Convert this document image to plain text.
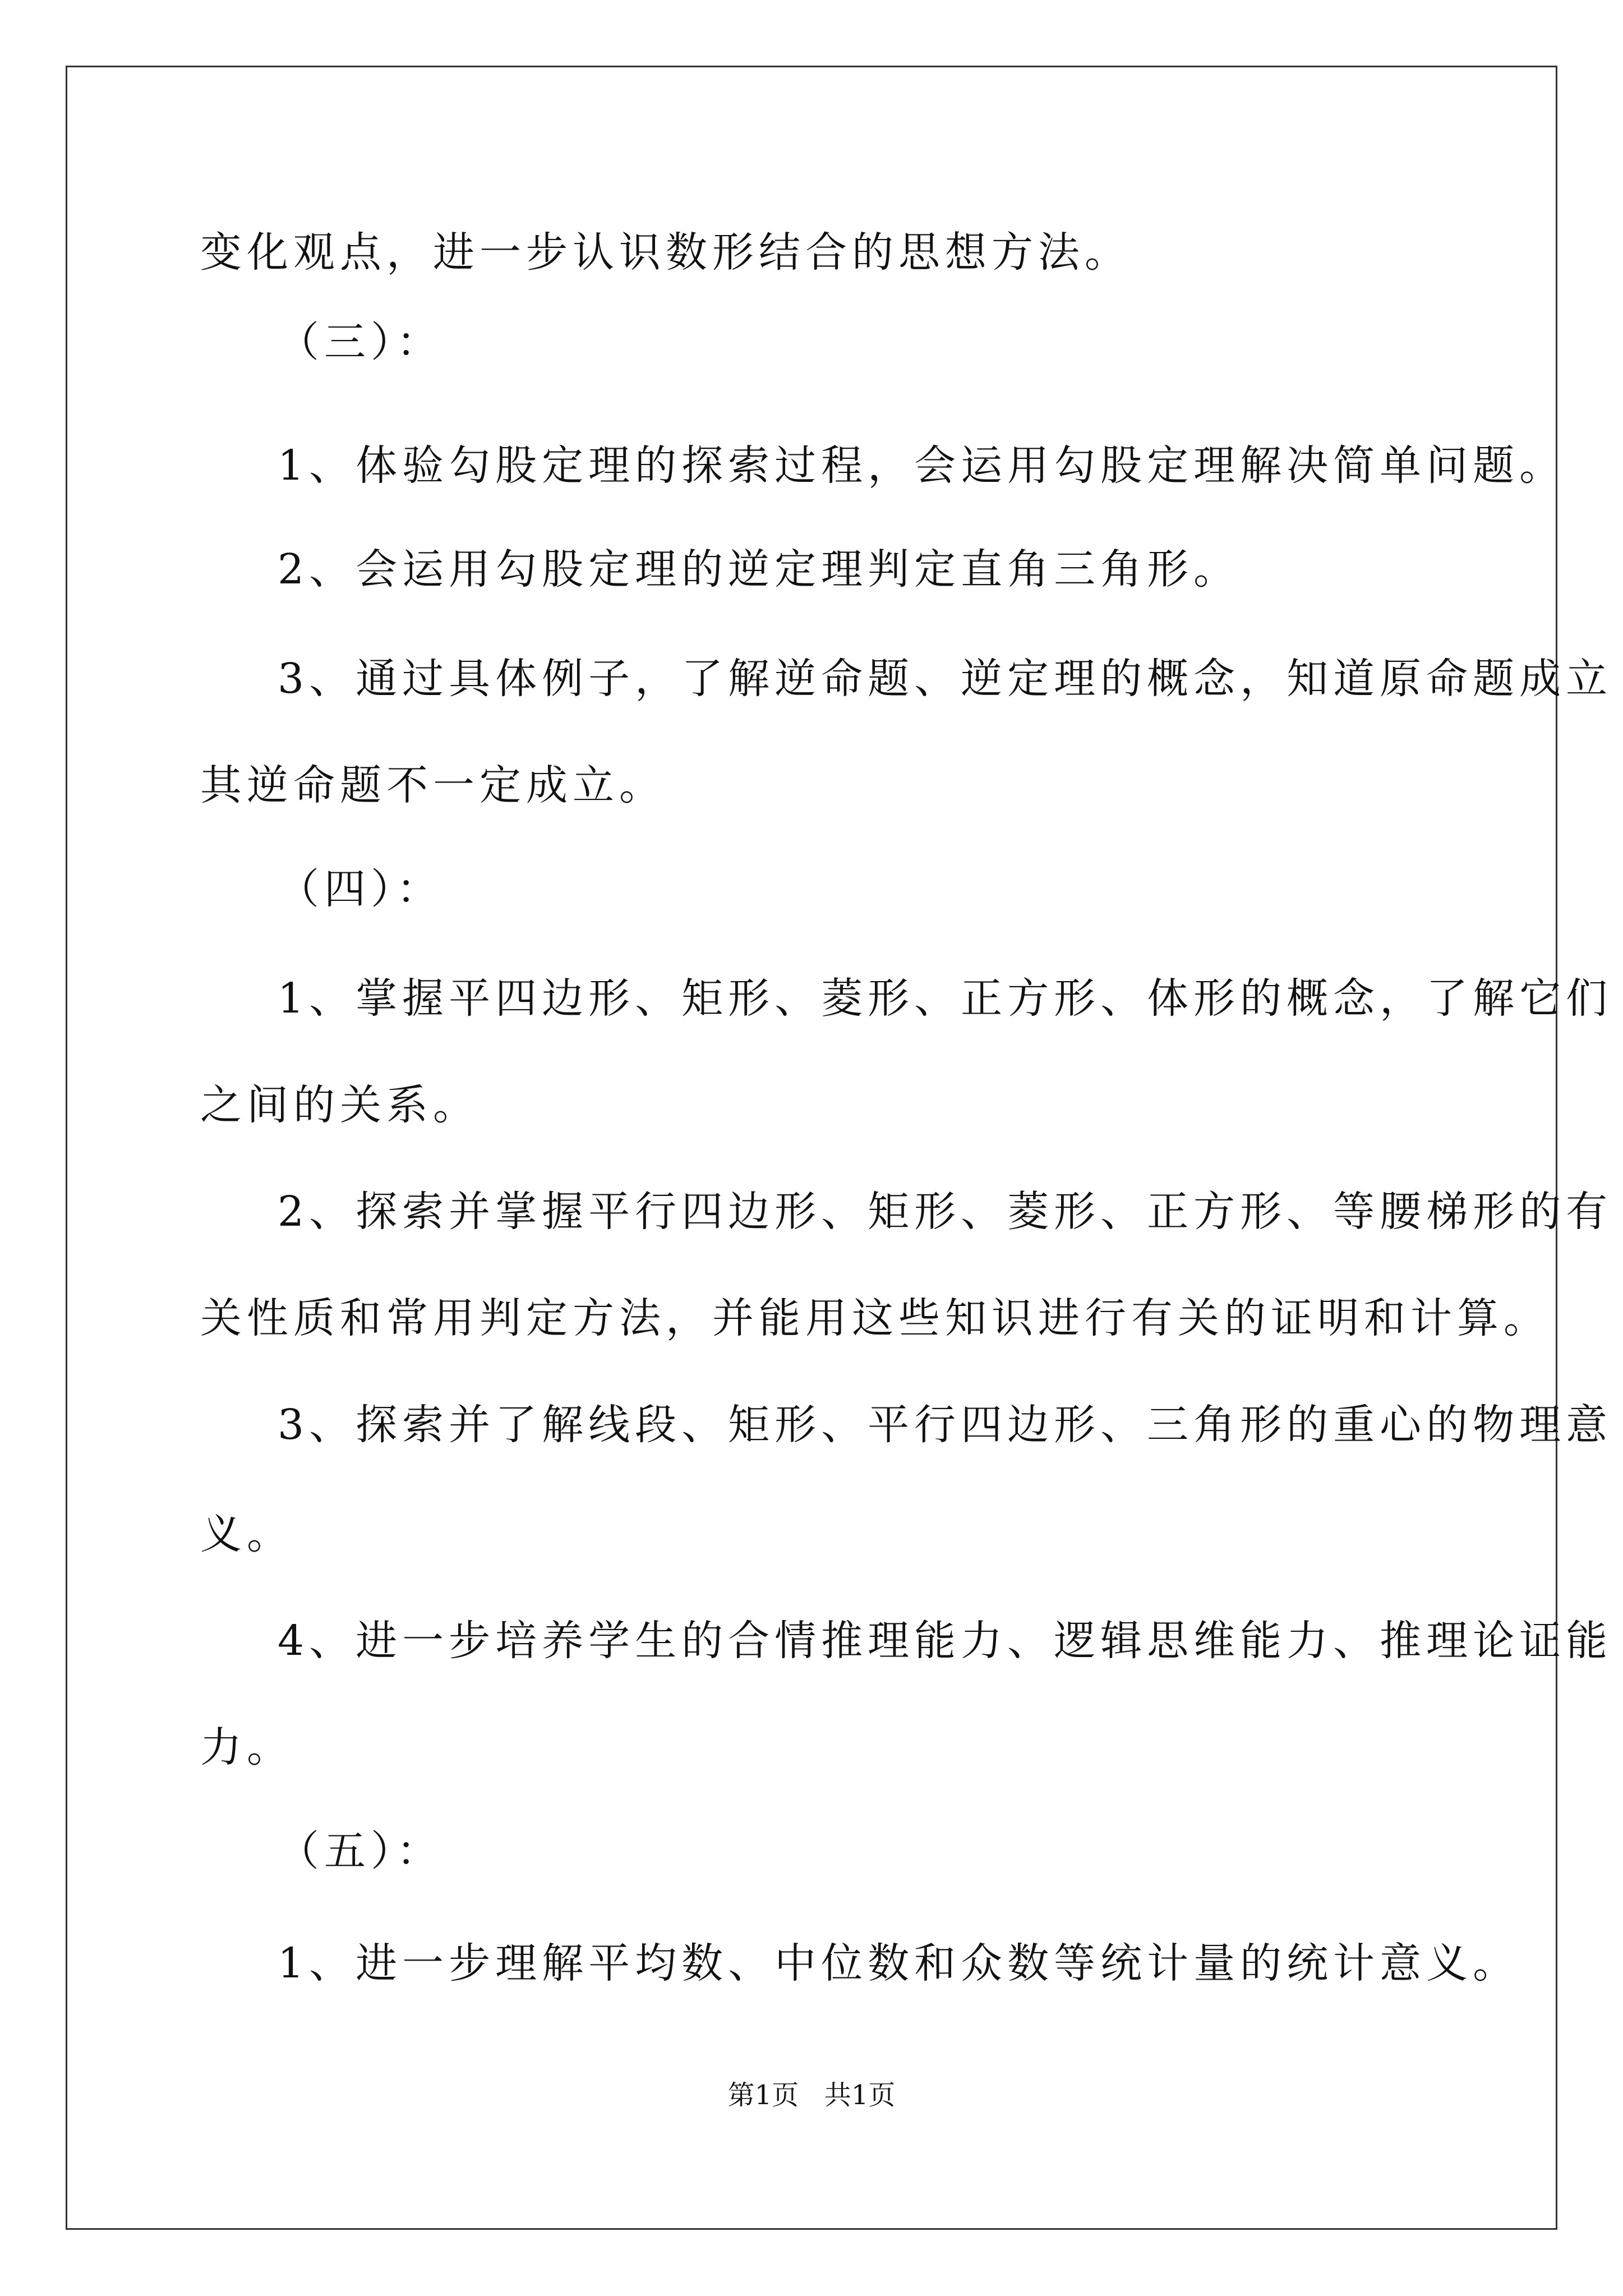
变化观点，进一步认识数形结合的思想方法。
（三）：
1、体验勾股定理的探索过程，会运用勾股定理解决简单问题。
2、会运用勾股定理的逆定理判定直角三角形。
3、通过具体例子，了解逆命题、逆定理的概念，知道原命题成立
其逆命题不一定成立。
（四）：
1、掌握平四边形、矩形、菱形、正方形、体形的概念，了解它们
之间的关系。
2、探索并掌握平行四边形、矩形、菱形、正方形、等腰梯形的有
关性质和常用判定方法，并能用这些知识进行有关的证明和计算。
3、探索并了解线段、矩形、平行四边形、三角形的重心的物理意
义。
4、进一步培养学生的合情推理能力、逻辑思维能力、推理论证能
力。
（五）：
1、进一步理解平均数、中位数和众数等统计量的统计意义。
第1页   共1页
